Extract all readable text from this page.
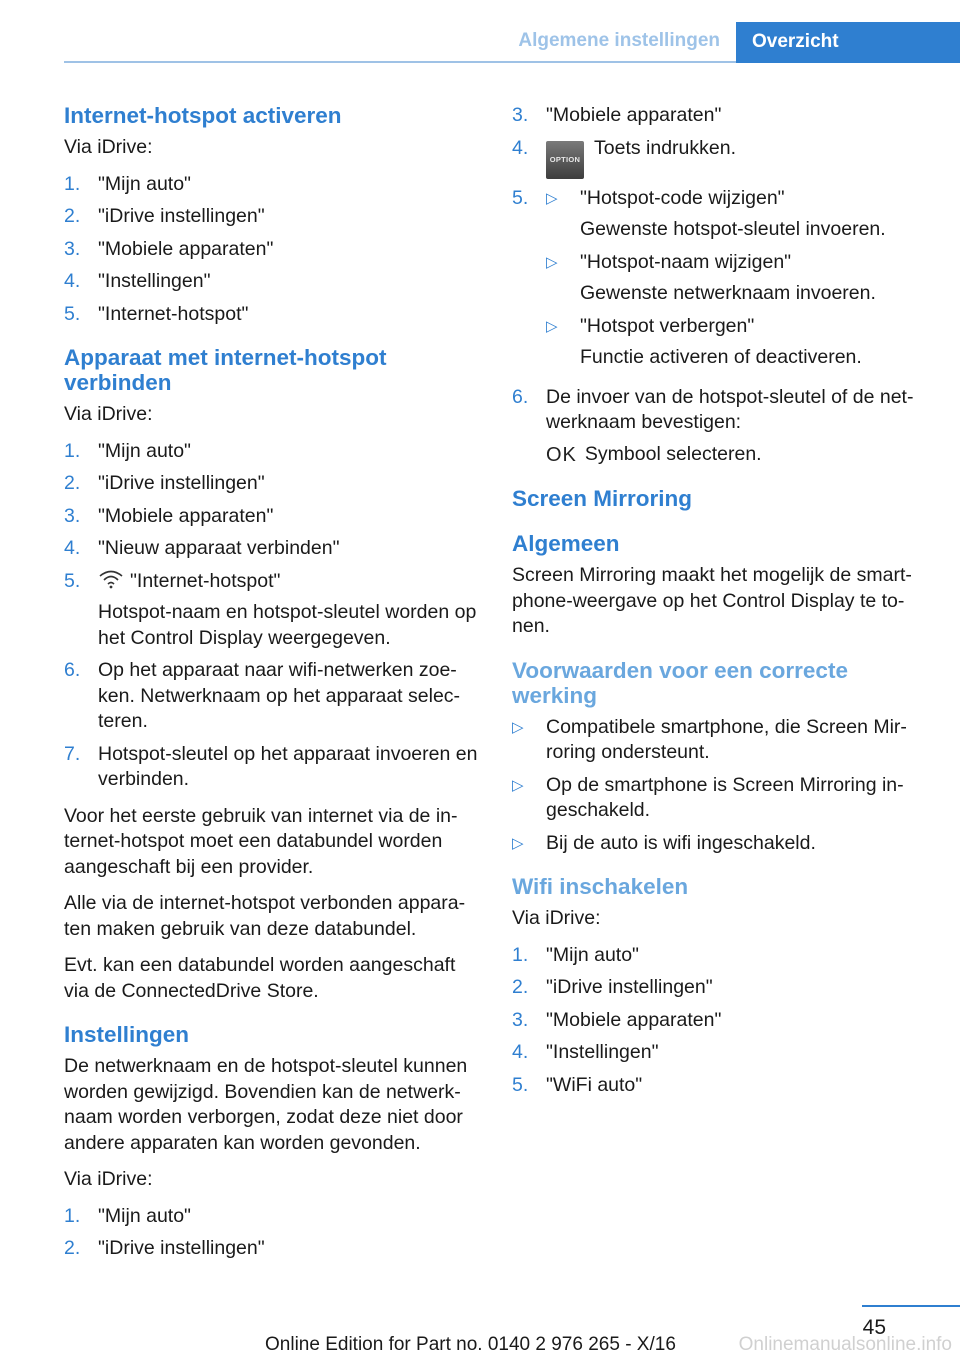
Algemene instellingen	Overzicht
Internet-hotspot activeren

Via iDrive:

1. "Mijn auto"
2. "iDrive instellingen"
3. "Mobiele apparaten"
4. "Instellingen"
5. "Internet-hotspot"
Apparaat met internet-hotspot verbinden

Via iDrive:

1. "Mijn auto"
2. "iDrive instellingen"
3. "Mobiele apparaten"
4. "Nieuw apparaat verbinden"
5.	"Internet-hotspot"
Hotspot-naam en hotspot-sleutel worden op het Control Display weergegeven.
6. Op het apparaat naar wifi-netwerken zoe-ken. Netwerknaam op het apparaat selec-teren.
7. Hotspot-sleutel op het apparaat invoeren en verbinden.

Voor het eerste gebruik van internet via de in-ternet-hotspot moet een databundel worden aangeschaft bij een provider.

Alle via de internet-hotspot verbonden appara-ten maken gebruik van deze databundel.

Evt. kan een databundel worden aangeschaft via de ConnectedDrive Store.

Instellingen

De netwerknaam en de hotspot-sleutel kunnen worden gewijzigd. Bovendien kan de netwerk-naam worden verborgen, zodat deze niet door andere apparaten kan worden gevonden.

Via iDrive:

1. "Mijn auto"
2. "iDrive instellingen"
3. "Mobiele apparaten"
4.
OPTIONToets indrukken.
5.	▷	"Hotspot-code wijzigen"
Gewenste hotspot-sleutel invoeren.
▷	"Hotspot-naam wijzigen"
Gewenste netwerknaam invoeren.
▷	"Hotspot verbergen"
Functie activeren of deactiveren.
6. De invoer van de hotspot-sleutel of de net-werknaam bevestigen:
OK Symbool selecteren.
Screen Mirroring
Algemeen

Screen Mirroring maakt het mogelijk de smart-phone-weergave op het Control Display te to-nen.

Voorwaarden voor een correcte werking
▷	Compatibele smartphone, die Screen Mir-roring ondersteunt.
▷	Op de smartphone is Screen Mirroring in-geschakeld.
▷	Bij de auto is wifi ingeschakeld.
Wifi inschakelen

Via iDrive:

1. "Mijn auto"
2. "iDrive instellingen"
3. "Mobiele apparaten"
4. "Instellingen"
5. "WiFi auto"
45
Onlinemanualsonline.info
Online Edition for Part no. 0140 2 976 265 - X/16
